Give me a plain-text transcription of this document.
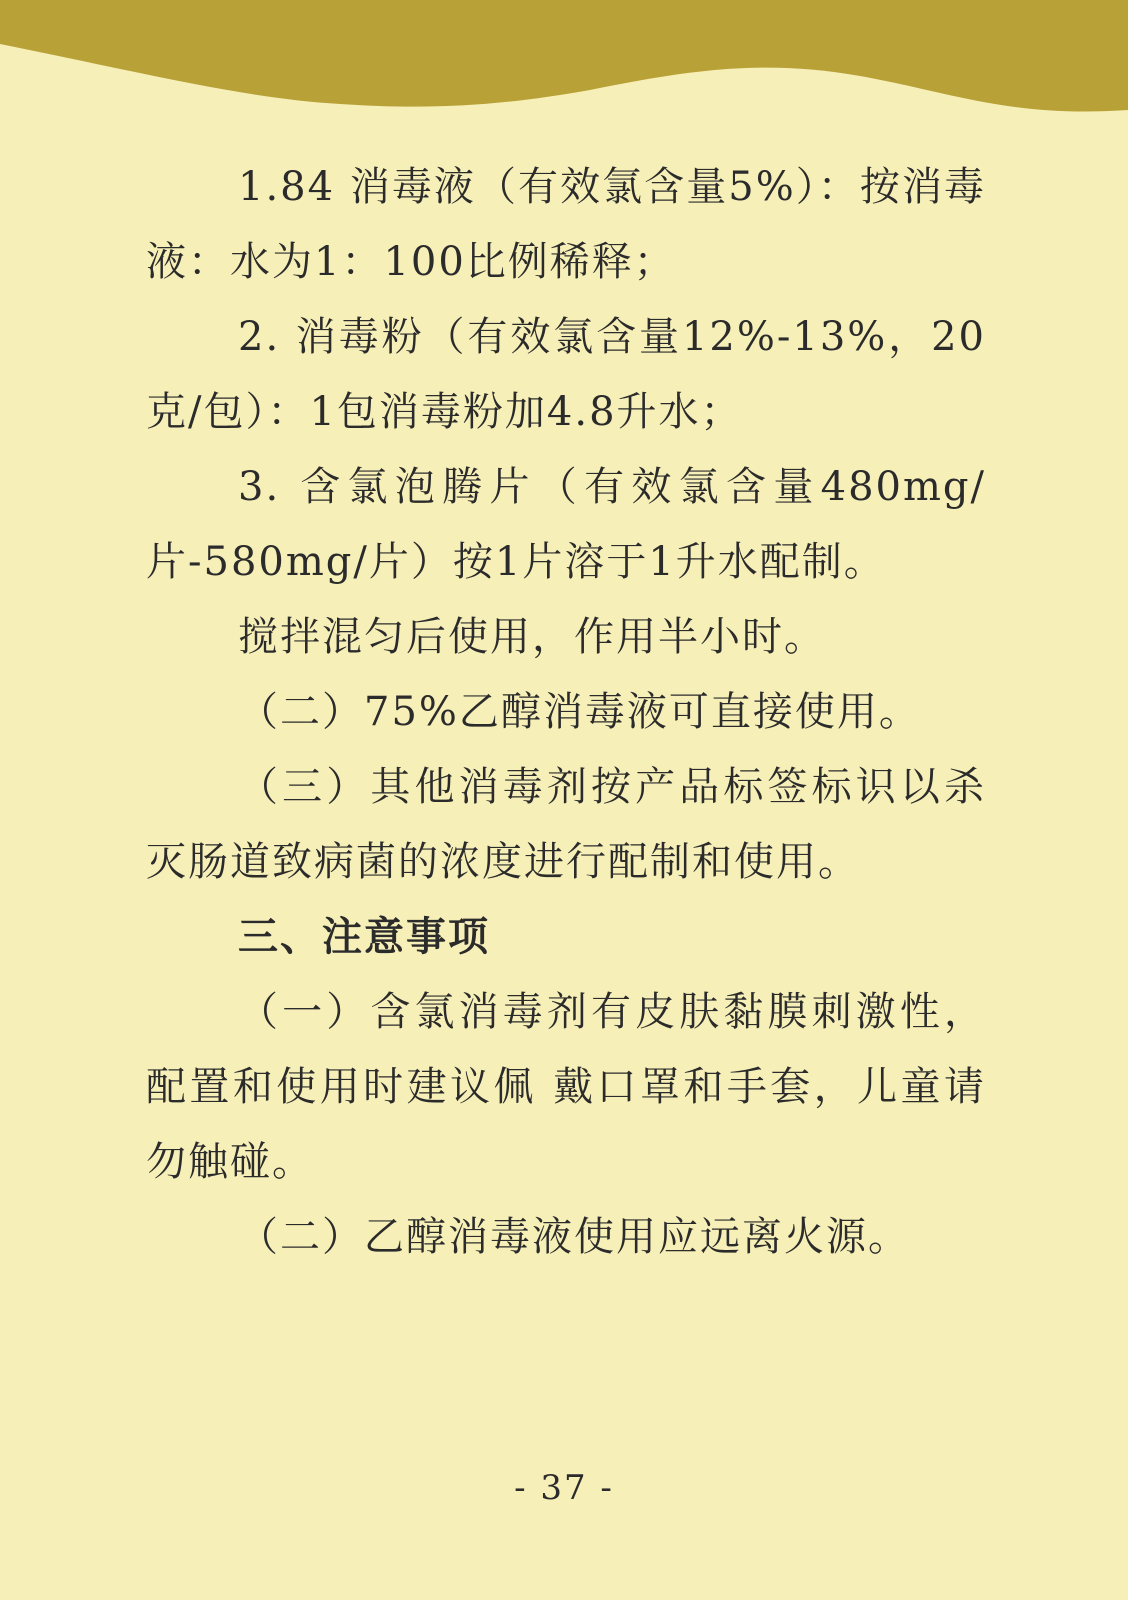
1.84 消毒液（有效氯含量5%）：按消毒液：水为1：100比例稀释；

2. 消毒粉（有效氯含量12%-13%，20克/包）：1包消毒粉加4.8升水；

3. 含氯泡腾片（有效氯含量480mg/片-580mg/片）按1片溶于1升水配制。

搅拌混匀后使用，作用半小时。

（二）75%乙醇消毒液可直接使用。

（三）其他消毒剂按产品标签标识以杀灭肠道致病菌的浓度进行配制和使用。

三、注意事项

（一）含氯消毒剂有皮肤黏膜刺激性，配置和使用时建议佩 戴口罩和手套，儿童请勿触碰。

（二）乙醇消毒液使用应远离火源。

- 37 -
